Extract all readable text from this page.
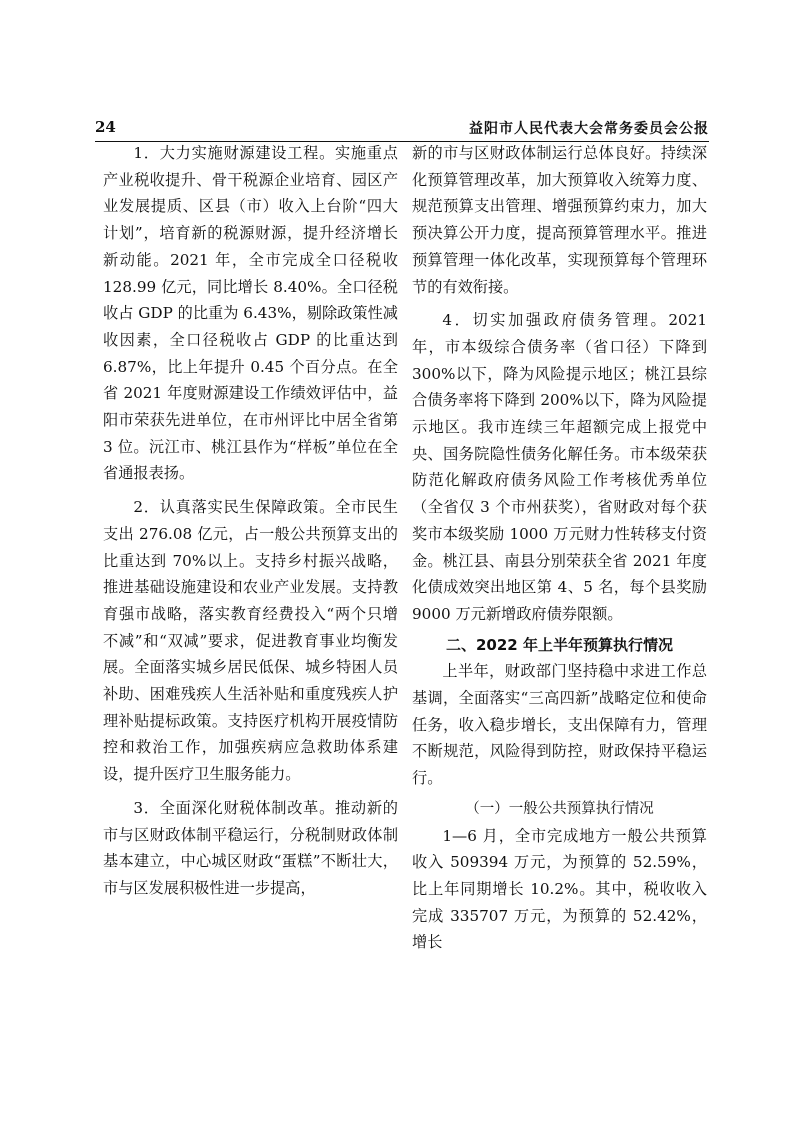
24	益阳市人民代表大会常务委员会公报

1．大力实施财源建设工程。实施重点产业税收提升、骨干税源企业培育、园区产业发展提质、区县（市）收入上台阶“四大计划”，培育新的税源财源，提升经济增长新动能。2021 年，全市完成全口径税收 128.99 亿元，同比增长 8.40%。全口径税收占 GDP 的比重为 6.43%，剔除政策性减收因素，全口径税收占 GDP 的比重达到 6.87%，比上年提升 0.45 个百分点。在全省 2021 年度财源建设工作绩效评估中，益阳市荣获先进单位，在市州评比中居全省第 3 位。沅江市、桃江县作为“样板”单位在全省通报表扬。

2．认真落实民生保障政策。全市民生支出 276.08 亿元，占一般公共预算支出的比重达到 70%以上。支持乡村振兴战略，推进基础设施建设和农业产业发展。支持教育强市战略，落实教育经费投入“两个只增不减”和“双减”要求，促进教育事业均衡发展。全面落实城乡居民低保、城乡特困人员补助、困难残疾人生活补贴和重度残疾人护理补贴提标政策。支持医疗机构开展疫情防控和救治工作，加强疾病应急救助体系建设，提升医疗卫生服务能力。

3．全面深化财税体制改革。推动新的市与区财政体制平稳运行，分税制财政体制基本建立，中心城区财政“蛋糕”不断壮大，市与区发展积极性进一步提高，

新的市与区财政体制运行总体良好。持续深化预算管理改革，加大预算收入统筹力度、规范预算支出管理、增强预算约束力，加大预决算公开力度，提高预算管理水平。推进预算管理一体化改革，实现预算每个管理环节的有效衔接。

4．切实加强政府债务管理。2021 年，市本级综合债务率（省口径）下降到 300%以下，降为风险提示地区；桃江县综合债务率将下降到 200%以下，降为风险提示地区。我市连续三年超额完成上报党中央、国务院隐性债务化解任务。市本级荣获防范化解政府债务风险工作考核优秀单位（全省仅 3 个市州获奖），省财政对每个获奖市本级奖励 1000 万元财力性转移支付资金。桃江县、南县分别荣获全省 2021 年度化债成效突出地区第 4、5 名，每个县奖励 9000 万元新增政府债券限额。

二、2022 年上半年预算执行情况

上半年，财政部门坚持稳中求进工作总基调，全面落实“三高四新”战略定位和使命任务，收入稳步增长，支出保障有力，管理不断规范，风险得到防控，财政保持平稳运行。

（一）一般公共预算执行情况

1—6 月，全市完成地方一般公共预算收入 509394 万元，为预算的 52.59%，比上年同期增长 10.2%。其中，税收收入完成 335707 万元，为预算的 52.42%，增长
